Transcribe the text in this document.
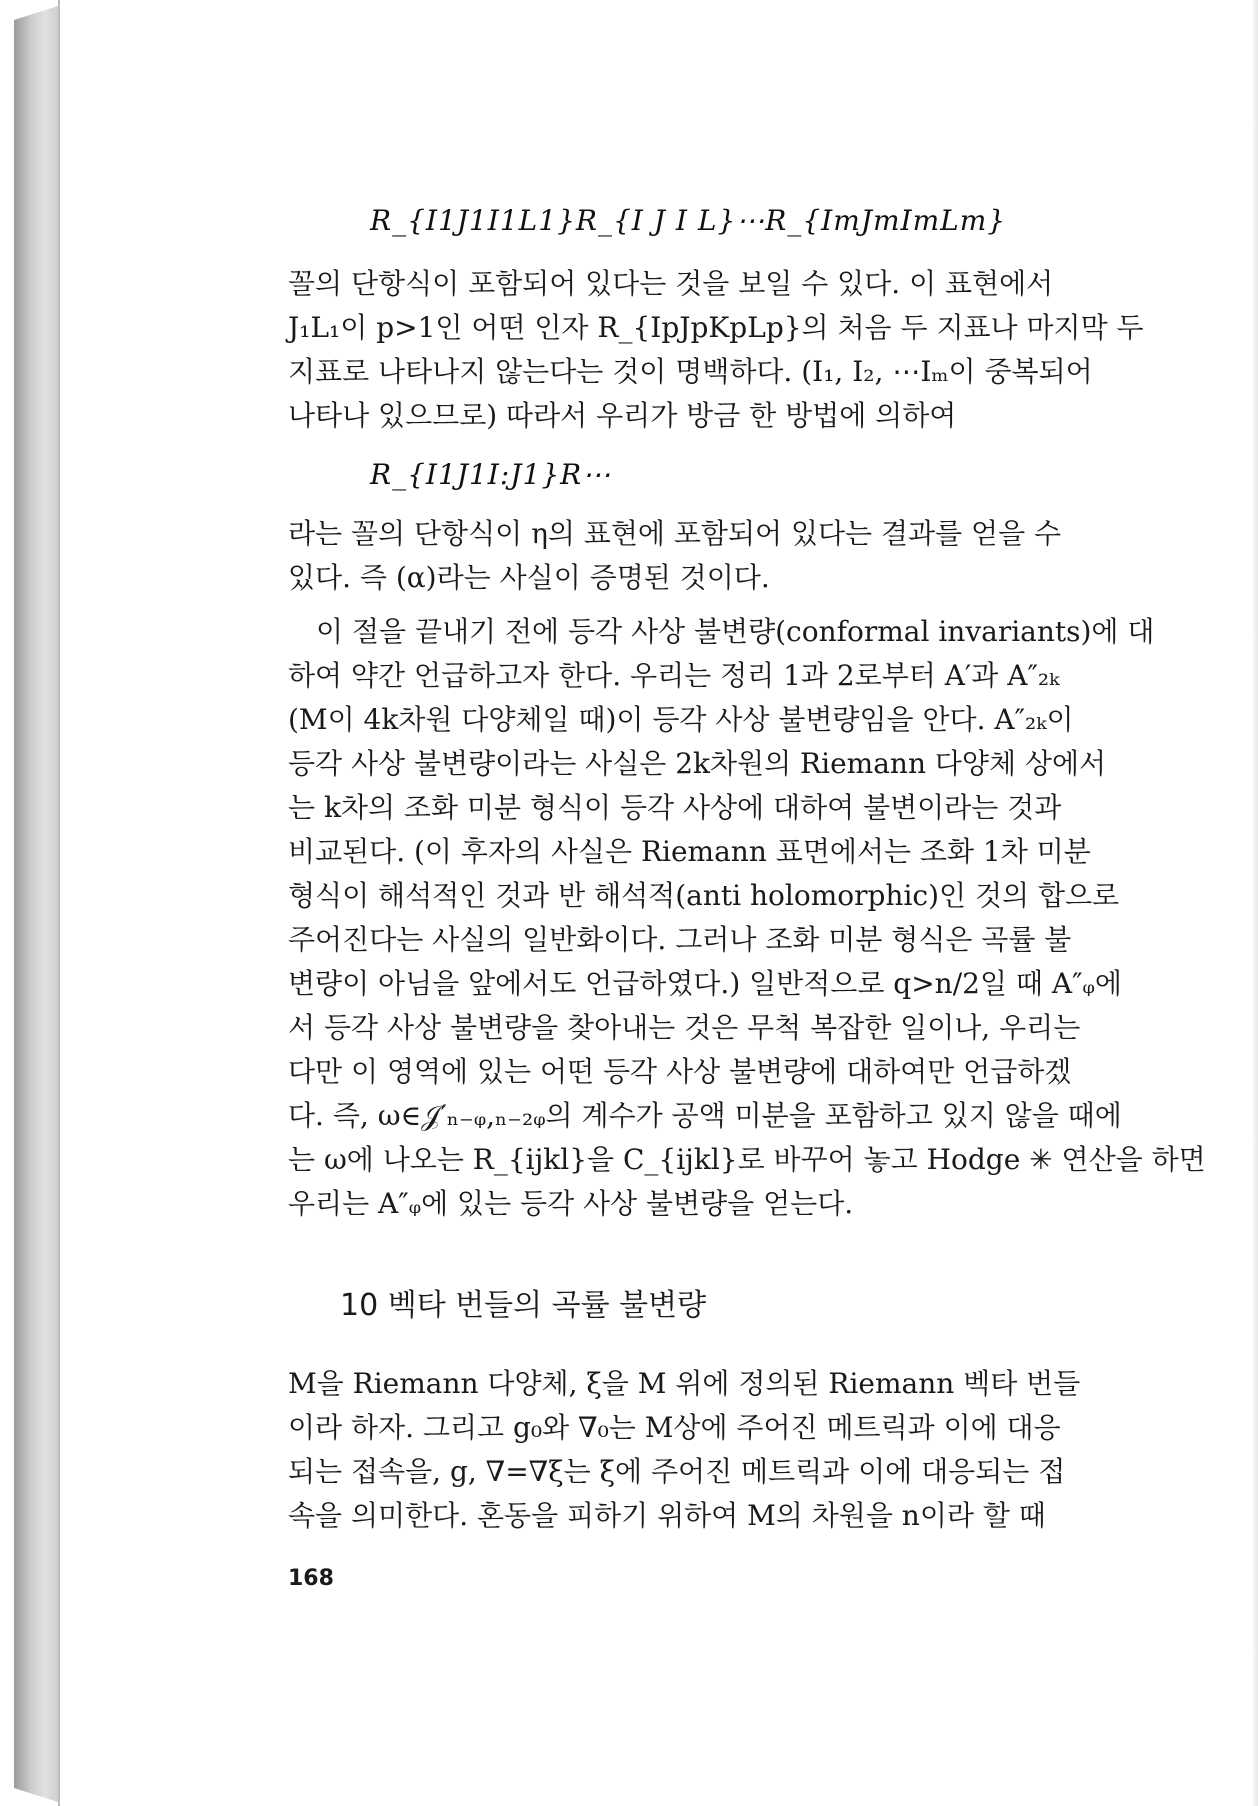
R_{I1J1I1L1}R_{I J I L}⋯R_{ImJmImLm}

꼴의 단항식이 포함되어 있다는 것을 보일 수 있다. 이 표현에서
J₁L₁이 p>1인 어떤 인자 R_{IpJpKpLp}의 처음 두 지표나 마지막 두
지표로 나타나지 않는다는 것이 명백하다. (I₁, I₂, ⋯Iₘ이 중복되어
나타나 있으므로) 따라서 우리가 방금 한 방법에 의하여

R_{I1J1I:J1}R⋯

라는 꼴의 단항식이 η의 표현에 포함되어 있다는 결과를 얻을 수
있다. 즉 (α)라는 사실이 증명된 것이다.

이 절을 끝내기 전에 등각 사상 불변량(conformal invariants)에 대
하여 약간 언급하고자 한다. 우리는 정리 1과 2로부터 A′과 A″₂ₖ
(M이 4k차원 다양체일 때)이 등각 사상 불변량임을 안다. A″₂ₖ이
등각 사상 불변량이라는 사실은 2k차원의 Riemann 다양체 상에서
는 k차의 조화 미분 형식이 등각 사상에 대하여 불변이라는 것과
비교된다. (이 후자의 사실은 Riemann 표면에서는 조화 1차 미분
형식이 해석적인 것과 반 해석적(anti holomorphic)인 것의 합으로
주어진다는 사실의 일반화이다. 그러나 조화 미분 형식은 곡률 불
변량이 아님을 앞에서도 언급하였다.) 일반적으로 q>n/2일 때 A″ᵩ에
서 등각 사상 불변량을 찾아내는 것은 무척 복잡한 일이나, 우리는
다만 이 영역에 있는 어떤 등각 사상 불변량에 대하여만 언급하겠
다. 즉, ω∈𝒥′ₙ₋ᵩ,ₙ₋₂ᵩ의 계수가 공액 미분을 포함하고 있지 않을 때에
는 ω에 나오는 R_{ijkl}을 C_{ijkl}로 바꾸어 놓고 Hodge ✳ 연산을 하면
우리는 A″ᵩ에 있는 등각 사상 불변량을 얻는다.

10 벡타 번들의 곡률 불변량

M을 Riemann 다양체, ξ을 M 위에 정의된 Riemann 벡타 번들
이라 하자. 그리고 g₀와 ∇₀는 M상에 주어진 메트릭과 이에 대응
되는 접속을, g, ∇=∇ξ는 ξ에 주어진 메트릭과 이에 대응되는 접
속을 의미한다. 혼동을 피하기 위하여 M의 차원을 n이라 할 때

168
